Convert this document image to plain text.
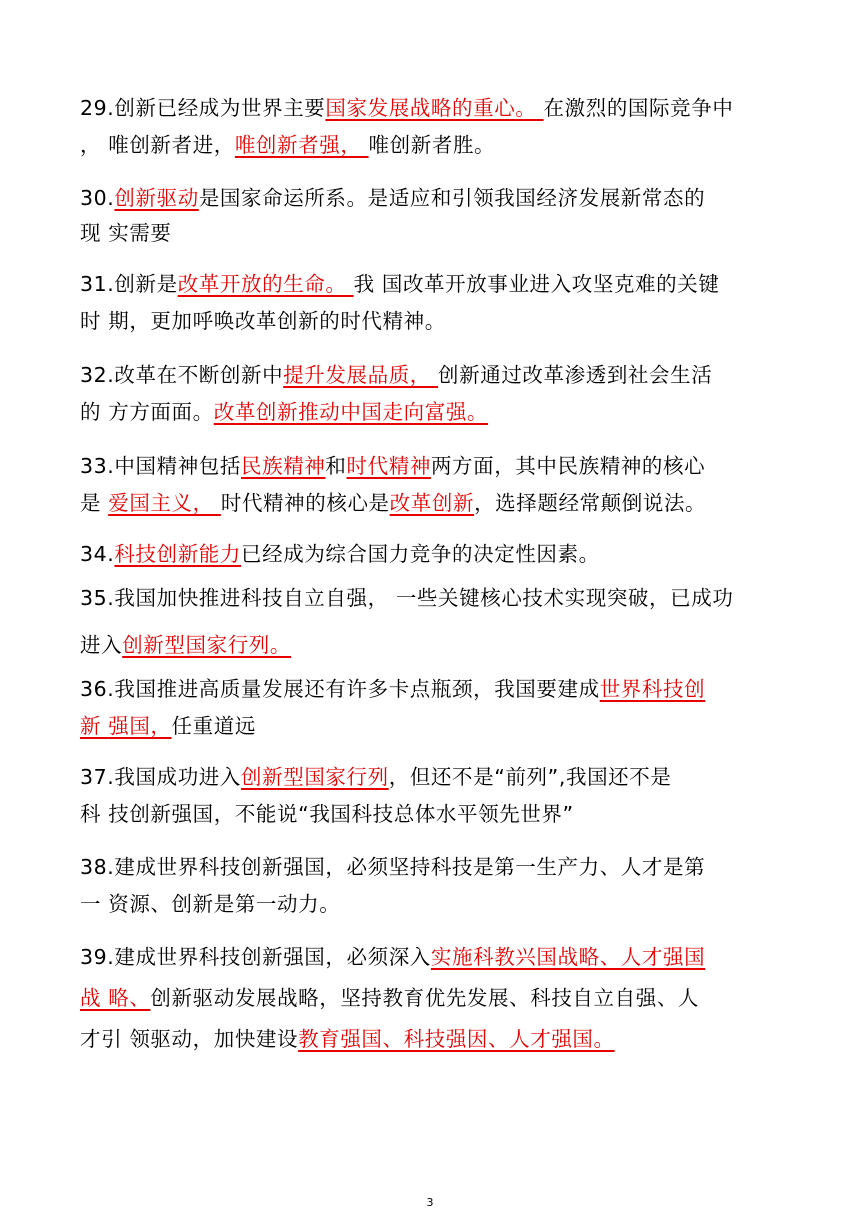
29.创新已经成为世界主要国家发展战略的重心。 在激烈的国际竞争中
， 唯创新者进，唯创新者强， 唯创新者胜。
30.创新驱动是国家命运所系。是适应和引领我国经济发展新常态的
现 实需要
31.创新是改革开放的生命。 我 国改革开放事业进入攻坚克难的关键
时 期，更加呼唤改革创新的时代精神。
32.改革在不断创新中提升发展品质， 创新通过改革渗透到社会生活
的 方方面面。改革创新推动中国走向富强。
33.中国精神包括民族精神和时代精神两方面，其中民族精神的核心
是 爱国主义， 时代精神的核心是改革创新，选择题经常颠倒说法。
34.科技创新能力已经成为综合国力竞争的决定性因素。
35.我国加快推进科技自立自强， 一些关键核心技术实现突破，已成功
进入创新型国家行列。
36.我国推进高质量发展还有许多卡点瓶颈，我国要建成世界科技创
新 强国，任重道远
37.我国成功进入创新型国家行列，但还不是“前列”,我国还不是
科 技创新强国，不能说“我国科技总体水平领先世界”
38.建成世界科技创新强国，必须坚持科技是第一生产力、人才是第
一 资源、创新是第一动力。
39.建成世界科技创新强国，必须深入实施科教兴国战略、人才强国
战 略、创新驱动发展战略，坚持教育优先发展、科技自立自强、人
才引 领驱动，加快建设教育强国、科技强因、人才强国。
3
